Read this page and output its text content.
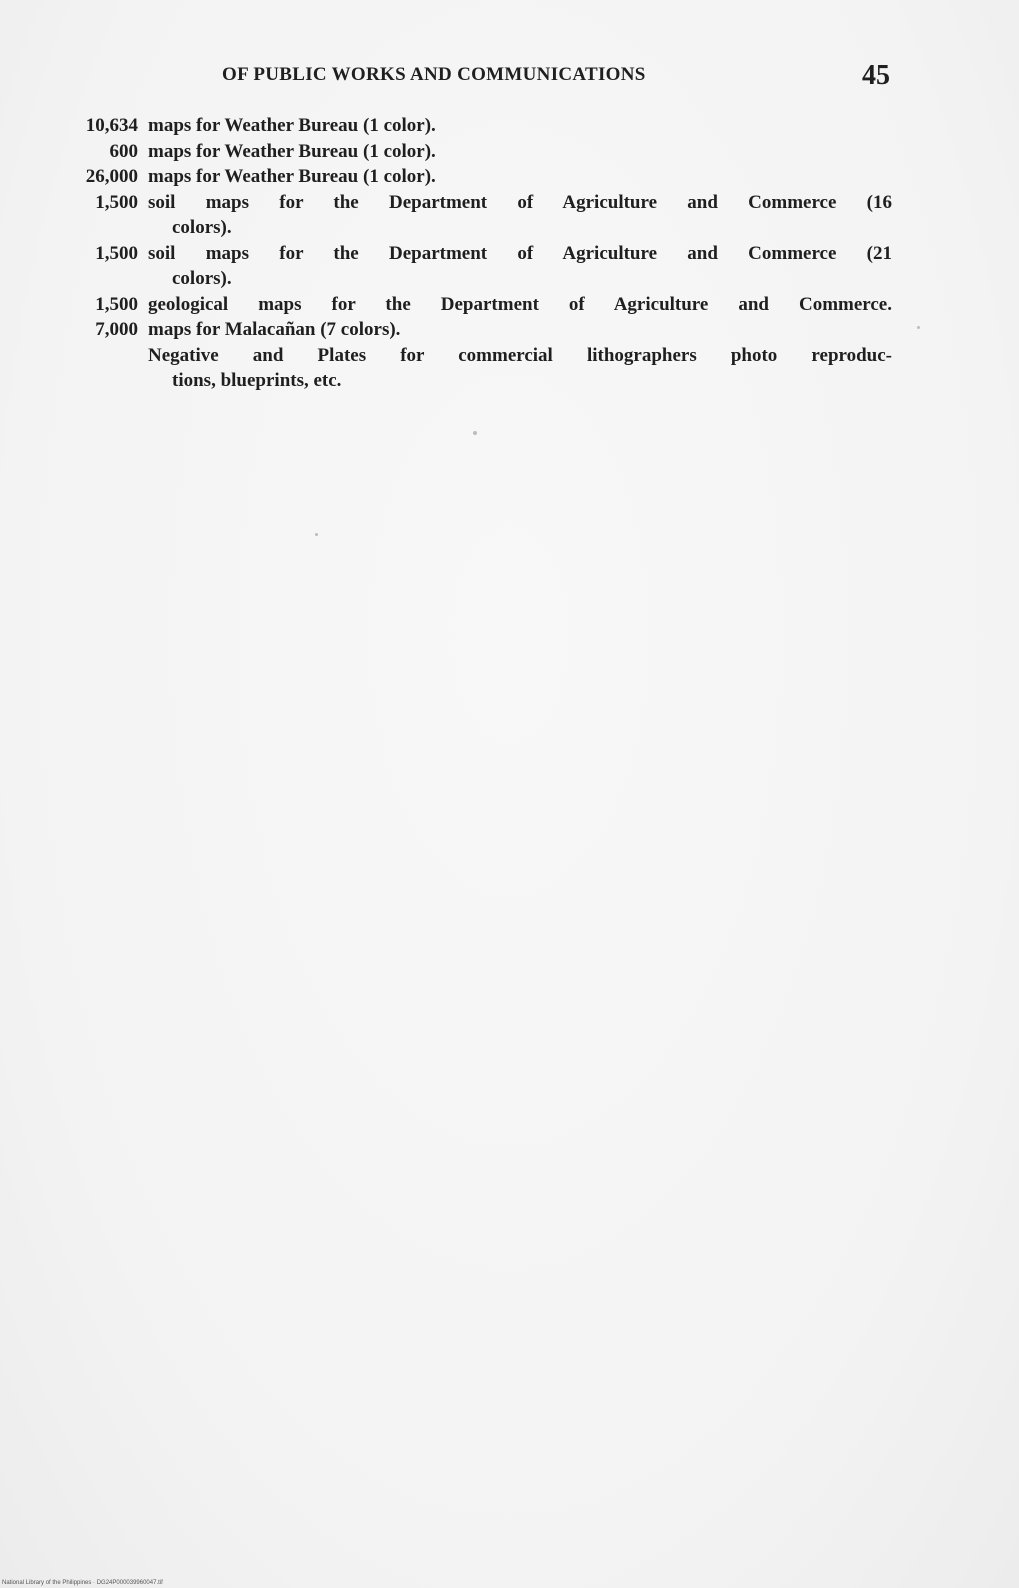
OF PUBLIC WORKS AND COMMUNICATIONS	45
10,634 maps for Weather Bureau (1 color).
600 maps for Weather Bureau (1 color).
26,000 maps for Weather Bureau (1 color).
1,500 soil maps for the Department of Agriculture and Commerce (16
colors).
1,500 soil maps for the Department of Agriculture and Commerce (21
colors).
1,500 geological maps for the Department of Agriculture and Commerce.
7,000 maps for Malacañan (7 colors).
Negative and Plates for commercial lithographers photo reproduc-
tions, blueprints, etc.
National Library of the Philippines · DG24P000039960047.tif
